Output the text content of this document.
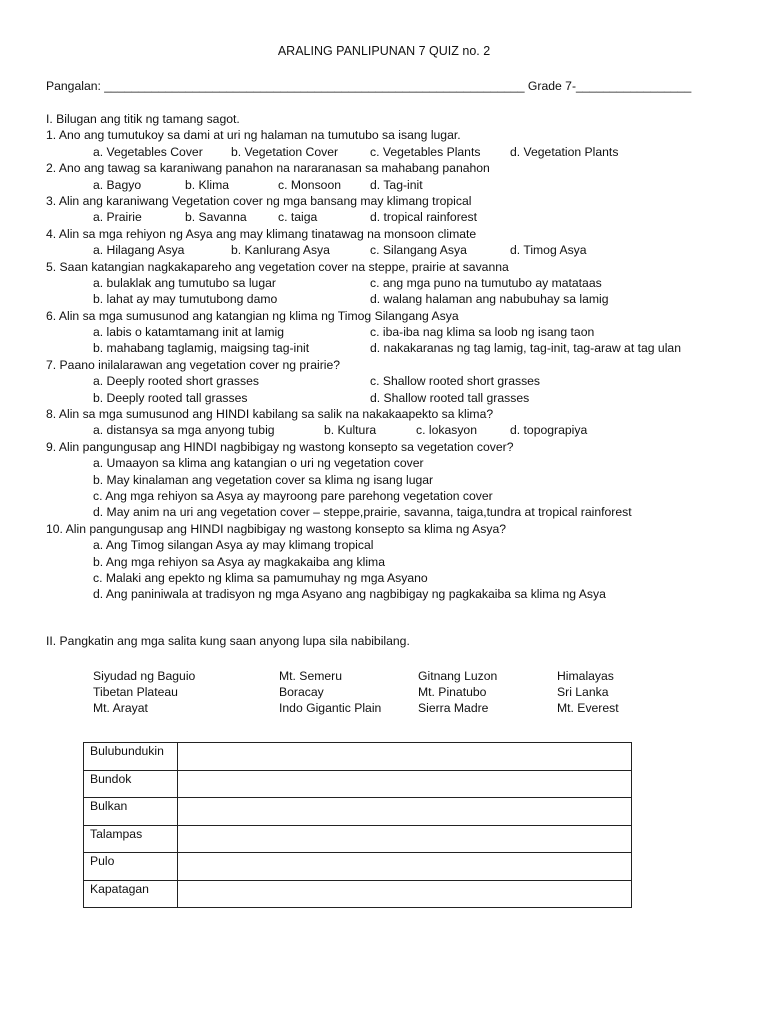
ARALING PANLIPUNAN 7 QUIZ no. 2
Pangalan: ______________________________________________________________ Grade 7-_________________
I. Bilugan ang titik ng tamang sagot.
1. Ano ang tumutukoy sa dami at uri ng halaman na tumutubo sa isang lugar.
a. Vegetables Cover b. Vegetation Cover	c. Vegetables Plants d. Vegetation Plants
2. Ano ang tawag sa karaniwang panahon na nararanasan sa mahabang panahon
a. Bagyo	b. Klima	c. Monsoon d. Tag-init
3. Alin ang karaniwang Vegetation cover ng mga bansang may klimang tropical
a. Prairie	b. Savanna	c. taiga	d. tropical rainforest
4. Alin sa mga rehiyon ng Asya ang may klimang tinatawag na monsoon climate
a. Hilagang Asya	b. Kanlurang Asya	c. Silangang Asya	d. Timog Asya
5. Saan katangian nagkakapareho ang vegetation cover na steppe, prairie at savanna
a. bulaklak ang tumutubo sa lugar	c. ang mga puno na tumutubo ay matataas
b. lahat ay may tumutubong damo	d. walang halaman ang nabubuhay sa lamig
6. Alin sa mga sumusunod ang katangian ng klima ng Timog Silangang Asya
a. labis o katamtamang init at lamig	c. iba-iba nag klima sa loob ng isang taon
b. mahabang taglamig, maigsing tag-init	d. nakakaranas ng tag lamig, tag-init, tag-araw at tag ulan
7. Paano inilalarawan ang vegetation cover ng prairie?
a. Deeply rooted short grasses	c. Shallow rooted short grasses
b. Deeply rooted tall grasses	d. Shallow rooted tall grasses
8. Alin sa mga sumusunod ang HINDI kabilang sa salik na nakakaapekto sa klima?
a. distansya sa mga anyong tubig	b. Kultura	c. lokasyon	d. topograpiya
9. Alin pangungusap ang HINDI nagbibigay ng wastong konsepto sa vegetation cover?
a. Umaayon sa klima ang katangian o uri ng vegetation cover
b. May kinalaman ang vegetation cover sa klima ng isang lugar
c. Ang mga rehiyon sa Asya ay mayroong pare parehong vegetation cover
d. May anim na uri ang vegetation cover – steppe,prairie, savanna, taiga,tundra at tropical rainforest
10. Alin pangungusap ang HINDI nagbibigay ng wastong konsepto sa klima ng Asya?
a. Ang Timog silangan Asya ay may klimang tropical
b. Ang mga rehiyon sa Asya ay magkakaiba ang klima
c. Malaki ang epekto ng klima sa pamumuhay ng mga Asyano
d. Ang paniniwala at tradisyon ng mga Asyano ang nagbibigay ng pagkakaiba sa klima ng Asya
II. Pangkatin ang mga salita kung saan anyong lupa sila nabibilang.
Siyudad ng Baguio	Mt. Semeru	Gitnang Luzon	Himalayas
Tibetan Plateau	Boracay	Mt. Pinatubo	Sri Lanka
Mt. Arayat	Indo Gigantic Plain	Sierra Madre	Mt. Everest
Bulubundukin	
Bundok	
Bulkan	
Talampas	
Pulo	
Kapatagan	
